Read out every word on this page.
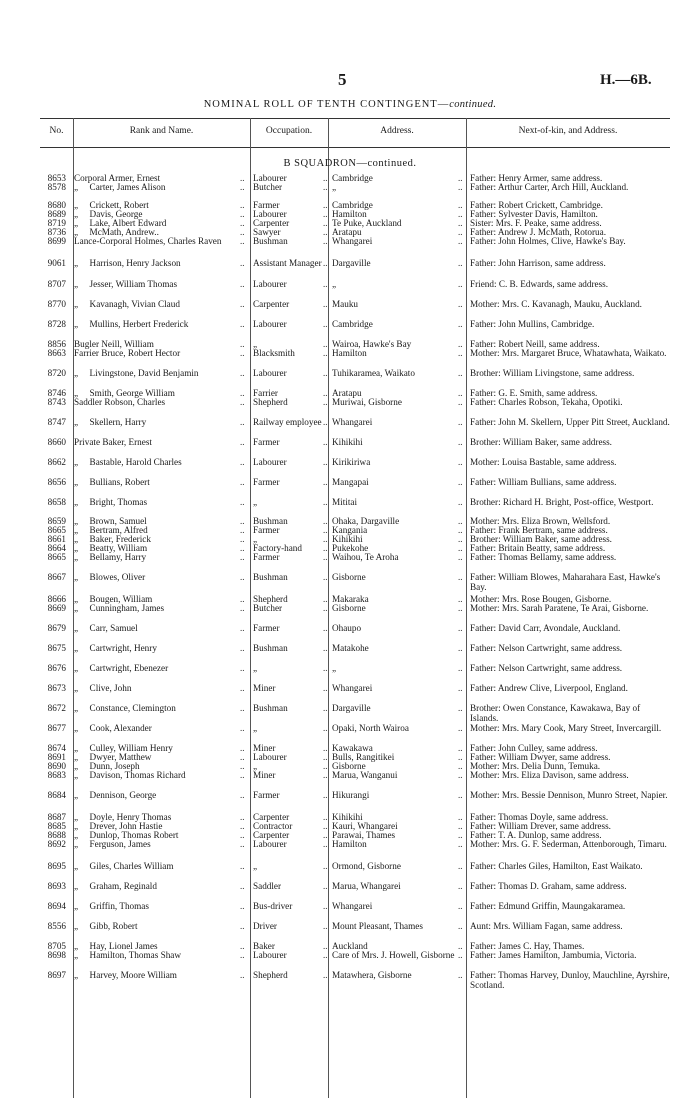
5	H.—6B.
NOMINAL ROLL OF TENTH CONTINGENT—continued.
No.	Rank and Name.	Occupation.	Address.	Next-of-kin, and Address.
B SQUADRON—continued.
8653 Corporal Armer, Ernest	Labourer	Cambridge	Father: Henry Armer, same address.
..	..	..
8578 „     Carter, James Alison	Butcher	„	Father: Arthur Carter, Arch Hill, Auckland.
..	..	..
8680 „     Crickett, Robert	Farmer	Cambridge	Father: Robert Crickett, Cambridge.
..	..	..
8689 „     Davis, George	Labourer	Hamilton	Father: Sylvester Davis, Hamilton.
..	..	..
8719 „     Lake, Albert Edward	Carpenter	Te Puke, Auckland	Sister: Mrs. F. Peake, same address.
..	..	..
8736 „     McMath, Andrew..	Sawyer	Aratapu	Father: Andrew J. McMath, Rotorua.
..	..	..
8699 Lance-Corporal Holmes, Charles Raven	Bushman	Whangarei	Father: John Holmes, Clive, Hawke's Bay.
..	..	..
9061 „     Harrison, Henry Jackson	Assistant Manager	Dargaville	Father: John Harrison, same address.
..	..	..
8707 „     Jesser, William Thomas	Labourer	„	Friend: C. B. Edwards, same address.
..	..	..
8770 „     Kavanagh, Vivian Claud	Carpenter	Mauku	Mother: Mrs. C. Kavanagh, Mauku, Auckland.
..	..	..
8728 „     Mullins, Herbert Frederick	Labourer	Cambridge	Father: John Mullins, Cambridge.
..	..	..
8856 Bugler Neill, William	„	Wairoa, Hawke's Bay	Father: Robert Neill, same address.
..	..	..
8663 Farrier Bruce, Robert Hector	Blacksmith	Hamilton	Mother: Mrs. Margaret Bruce, Whatawhata, Waikato.
..	..	..
8720 „     Livingstone, David Benjamin	Labourer	Tuhikaramea, Waikato	Brother: William Livingstone, same address.
..	..	..
8746 „     Smith, George William	Farrier	Aratapu	Father: G. E. Smith, same address.
..	..	..
8743 Saddler Robson, Charles	Shepherd	Muriwai, Gisborne	Father: Charles Robson, Tekaha, Opotiki.
..	..	..
8747 „     Skellern, Harry	Railway employee	Whangarei	Father: John M. Skellern, Upper Pitt Street, Auckland.
..	..	..
8660 Private Baker, Ernest	Farmer	Kihikihi	Brother: William Baker, same address.
..	..	..
8662 „     Bastable, Harold Charles	Labourer	Kirikiriwa	Mother: Louisa Bastable, same address.
..	..	..
8656 „     Bullians, Robert	Farmer	Mangapai	Father: William Bullians, same address.
..	..	..
8658 „     Bright, Thomas	„	Mititai	Brother: Richard H. Bright, Post-office, Westport.
..	..	..
8659 „     Brown, Samuel	Bushman	Ohaka, Dargaville	Mother: Mrs. Eliza Brown, Wellsford.
..	..	..
8665 „     Bertram, Alfred	Farmer	Kangania	Father: Frank Bertram, same address.
..	..	..
8661 „     Baker, Frederick	„	Kihikihi	Brother: William Baker, same address.
..	..	..
8664 „     Beatty, William	Factory-hand	Pukekohe	Father: Britain Beatty, same address.
..	..	..
8665 „     Bellamy, Harry	Farmer	Waihou, Te Aroha	Father: Thomas Bellamy, same address.
..	..	..
8667 „     Blowes, Oliver	Bushman	Gisborne	Father: William Blowes, Maharahara East, Hawke's Bay.
..	..	..
8666 „     Bougen, William	Shepherd	Makaraka	Mother: Mrs. Rose Bougen, Gisborne.
..	..	..
8669 „     Cunningham, James	Butcher	Gisborne	Mother: Mrs. Sarah Paratene, Te Arai, Gisborne.
..	..	..
8679 „     Carr, Samuel	Farmer	Ohaupo	Father: David Carr, Avondale, Auckland.
..	..	..
8675 „     Cartwright, Henry	Bushman	Matakohe	Father: Nelson Cartwright, same address.
..	..	..
8676 „     Cartwright, Ebenezer	„	„	Father: Nelson Cartwright, same address.
..	..	..
8673 „     Clive, John	Miner	Whangarei	Father: Andrew Clive, Liverpool, England.
..	..	..
8672 „     Constance, Clemington	Bushman	Dargaville	Brother: Owen Constance, Kawakawa, Bay of Islands.
..	..	..
8677 „     Cook, Alexander	„	Opaki, North Wairoa	Mother: Mrs. Mary Cook, Mary Street, Invercargill.
..	..	..
8674 „     Culley, William Henry	Miner	Kawakawa	Father: John Culley, same address.
..	..	..
8691 „     Dwyer, Matthew	Labourer	Bulls, Rangitikei	Father: William Dwyer, same address.
..	..	..
8690 „     Dunn, Joseph	„	Gisborne	Mother: Mrs. Delia Dunn, Temuka.
..	..	..
8683 „     Davison, Thomas Richard	Miner	Marua, Wanganui	Mother: Mrs. Eliza Davison, same address.
..	..	..
8684 „     Dennison, George	Farmer	Hikurangi	Mother: Mrs. Bessie Dennison, Munro Street, Napier.
..	..	..
8687 „     Doyle, Henry Thomas	Carpenter	Kihikihi	Father: Thomas Doyle, same address.
..	..	..
8685 „     Drever, John Hastie	Contractor	Kauri, Whangarei	Father: William Drever, same address.
..	..	..
8688 „     Dunlop, Thomas Robert	Carpenter	Parawai, Thames	Father: T. A. Dunlop, same address.
..	..	..
8692 „     Ferguson, James	Labourer	Hamilton	Mother: Mrs. G. F. Sederman, Attenborough, Timaru.
..	..	..
8695 „     Giles, Charles William	„	Ormond, Gisborne	Father: Charles Giles, Hamilton, East Waikato.
..	..	..
8693 „     Graham, Reginald	Saddler	Marua, Whangarei	Father: Thomas D. Graham, same address.
..	..	..
8694 „     Griffin, Thomas	Bus-driver	Whangarei	Father: Edmund Griffin, Maungakaramea.
..	..	..
8556 „     Gibb, Robert	Driver	Mount Pleasant, Thames	Aunt: Mrs. William Fagan, same address.
..	..	..
8705 „     Hay, Lionel James	Baker	Auckland	Father: James C. Hay, Thames.
..	..	..
8698 „     Hamilton, Thomas Shaw	Labourer	Care of Mrs. J. Howell, Gisborne	Father: James Hamilton, Jambumia, Victoria.
..	..	..
8697 „     Harvey, Moore William	Shepherd	Matawhera, Gisborne	Father: Thomas Harvey, Dunloy, Mauchline, Ayrshire, Scotland.
..	..	..
